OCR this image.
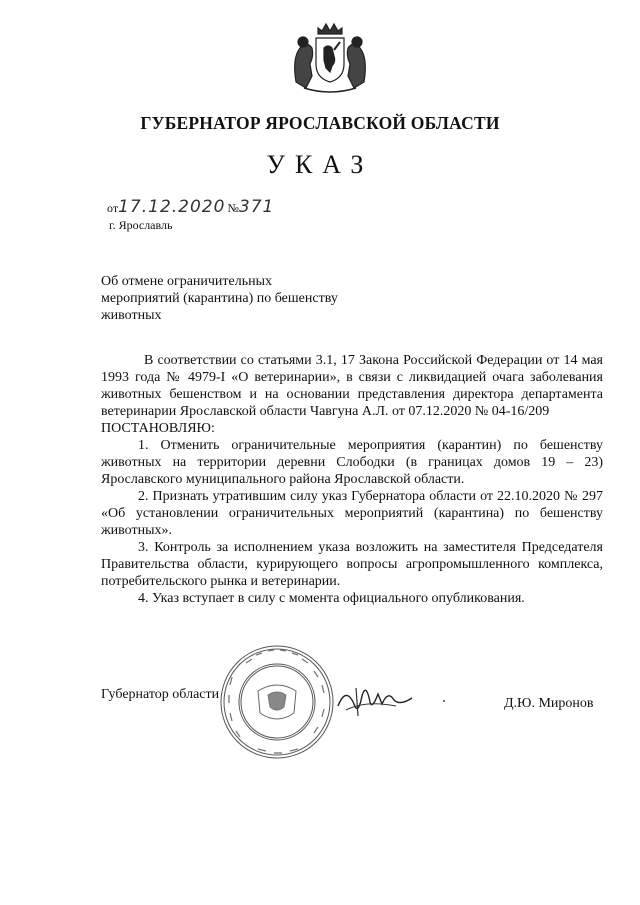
ГУБЕРНАТОР ЯРОСЛАВСКОЙ ОБЛАСТИ
УКАЗ
от17.12.2020 №371
г. Ярославль
Об отмене ограничительных мероприятий (карантина) по бешенству животных

В соответствии со статьями 3.1, 17 Закона Российской Федерации от 14 мая 1993 года № 4979-I «О ветеринарии», в связи с ликвидацией очага заболевания животных бешенством и на основании представления директора департамента ветеринарии Ярославской области Чавгуна А.Л. от 07.12.2020 № 04-16/209

ПОСТАНОВЛЯЮ:

1. Отменить ограничительные мероприятия (карантин) по бешенству животных на территории деревни Слободки (в границах домов 19 – 23) Ярославского муниципального района Ярославской области.

2. Признать утратившим силу указ Губернатора области от 22.10.2020 № 297 «Об установлении ограничительных мероприятий (карантина) по бешенству животных».

3. Контроль за исполнением указа возложить на заместителя Председателя Правительства области, курирующего вопросы агропромышленного комплекса, потребительского рынка и ветеринарии.

4. Указ вступает в силу с момента официального опубликования.

Губернатор области
Д.Ю. Миронов
